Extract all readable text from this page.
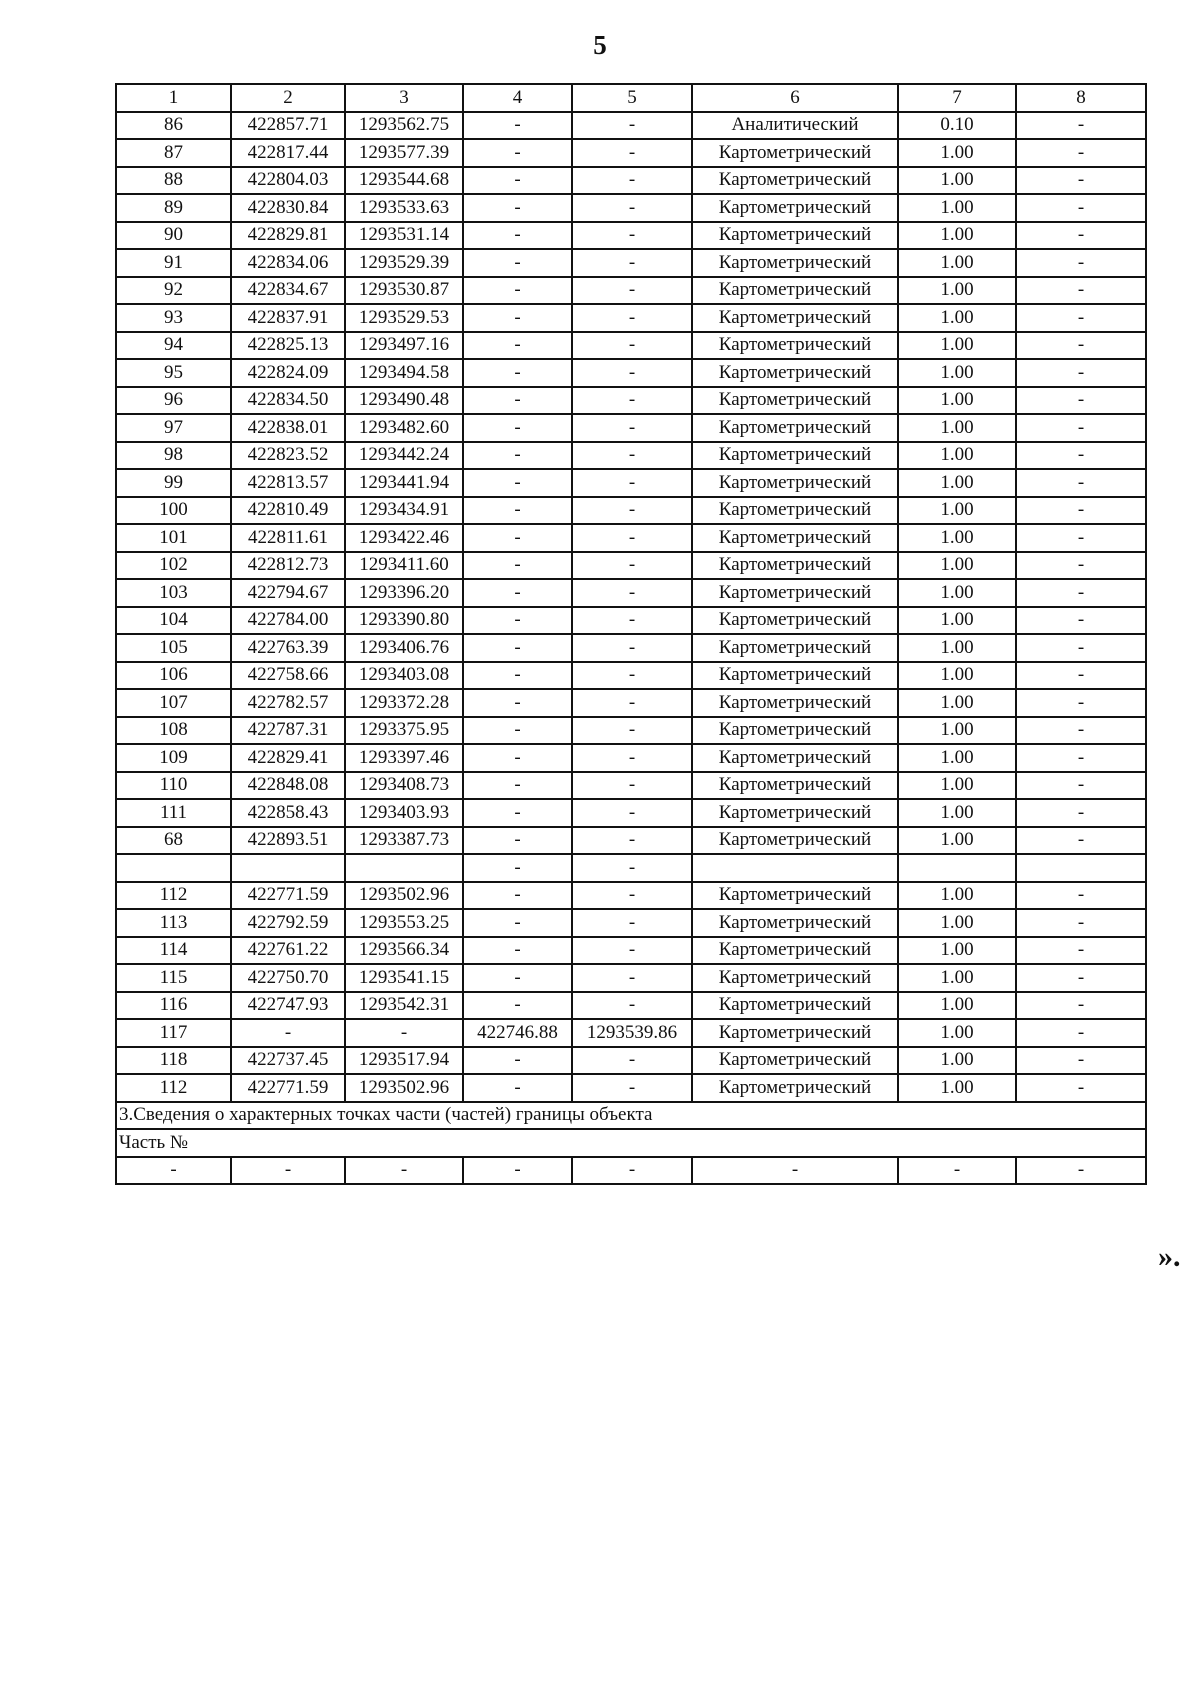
5
1	2	3	4	5	6	7	8
86	422857.71	1293562.75	-	-	Аналитический	0.10	-
87	422817.44	1293577.39	-	-	Картометрический	1.00	-
88	422804.03	1293544.68	-	-	Картометрический	1.00	-
89	422830.84	1293533.63	-	-	Картометрический	1.00	-
90	422829.81	1293531.14	-	-	Картометрический	1.00	-
91	422834.06	1293529.39	-	-	Картометрический	1.00	-
92	422834.67	1293530.87	-	-	Картометрический	1.00	-
93	422837.91	1293529.53	-	-	Картометрический	1.00	-
94	422825.13	1293497.16	-	-	Картометрический	1.00	-
95	422824.09	1293494.58	-	-	Картометрический	1.00	-
96	422834.50	1293490.48	-	-	Картометрический	1.00	-
97	422838.01	1293482.60	-	-	Картометрический	1.00	-
98	422823.52	1293442.24	-	-	Картометрический	1.00	-
99	422813.57	1293441.94	-	-	Картометрический	1.00	-
100	422810.49	1293434.91	-	-	Картометрический	1.00	-
101	422811.61	1293422.46	-	-	Картометрический	1.00	-
102	422812.73	1293411.60	-	-	Картометрический	1.00	-
103	422794.67	1293396.20	-	-	Картометрический	1.00	-
104	422784.00	1293390.80	-	-	Картометрический	1.00	-
105	422763.39	1293406.76	-	-	Картометрический	1.00	-
106	422758.66	1293403.08	-	-	Картометрический	1.00	-
107	422782.57	1293372.28	-	-	Картометрический	1.00	-
108	422787.31	1293375.95	-	-	Картометрический	1.00	-
109	422829.41	1293397.46	-	-	Картометрический	1.00	-
110	422848.08	1293408.73	-	-	Картометрический	1.00	-
111	422858.43	1293403.93	-	-	Картометрический	1.00	-
68	422893.51	1293387.73	-	-	Картометрический	1.00	-
			-	-			
112	422771.59	1293502.96	-	-	Картометрический	1.00	-
113	422792.59	1293553.25	-	-	Картометрический	1.00	-
114	422761.22	1293566.34	-	-	Картометрический	1.00	-
115	422750.70	1293541.15	-	-	Картометрический	1.00	-
116	422747.93	1293542.31	-	-	Картометрический	1.00	-
117	-	-	422746.88	1293539.86	Картометрический	1.00	-
118	422737.45	1293517.94	-	-	Картометрический	1.00	-
112	422771.59	1293502.96	-	-	Картометрический	1.00	-
3.Сведения о характерных точках части (частей) границы объекта							
Часть №							
-	-	-	-	-	-	-	-
».
